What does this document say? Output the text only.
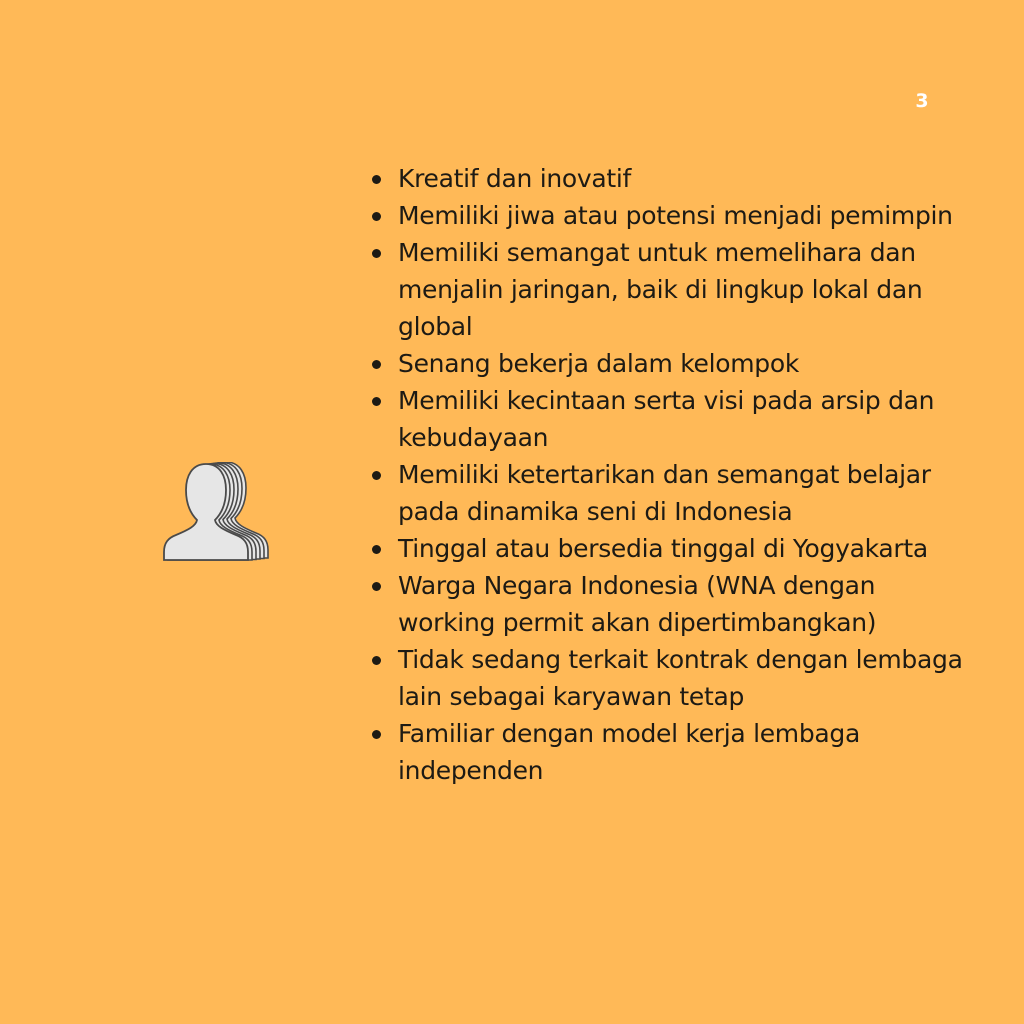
3
Kreatif dan inovatif
Memiliki jiwa atau potensi menjadi pemimpin
Memiliki semangat untuk memelihara dan menjalin jaringan, baik di lingkup lokal dan global
Senang bekerja dalam kelompok
Memiliki kecintaan serta visi pada arsip dan kebudayaan
Memiliki ketertarikan dan semangat belajar pada dinamika seni di Indonesia
Tinggal atau bersedia tinggal di Yogyakarta
Warga Negara Indonesia (WNA dengan working permit akan dipertimbangkan)
Tidak sedang terkait kontrak dengan lembaga lain sebagai karyawan tetap
Familiar dengan model kerja lembaga independen
